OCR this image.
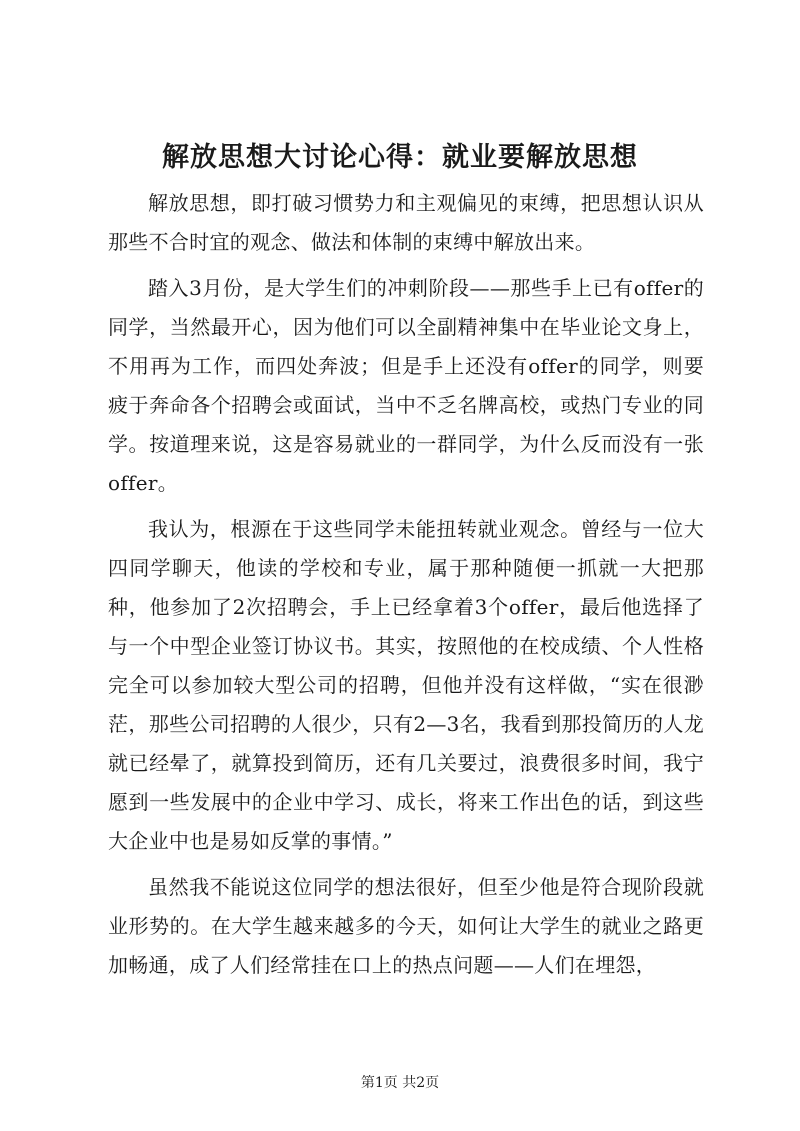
解放思想大讨论心得：就业要解放思想

解放思想，即打破习惯势力和主观偏见的束缚，把思想认识从那些不合时宜的观念、做法和体制的束缚中解放出来。

踏入3月份，是大学生们的冲刺阶段——那些手上已有offer的同学，当然最开心，因为他们可以全副精神集中在毕业论文身上，不用再为工作，而四处奔波；但是手上还没有offer的同学，则要疲于奔命各个招聘会或面试，当中不乏名牌高校，或热门专业的同学。按道理来说，这是容易就业的一群同学，为什么反而没有一张offer。

我认为，根源在于这些同学未能扭转就业观念。曾经与一位大四同学聊天，他读的学校和专业，属于那种随便一抓就一大把那种，他参加了2次招聘会，手上已经拿着3个offer，最后他选择了与一个中型企业签订协议书。其实，按照他的在校成绩、个人性格完全可以参加较大型公司的招聘，但他并没有这样做，“实在很渺茫，那些公司招聘的人很少，只有2—3名，我看到那投简历的人龙就已经晕了，就算投到简历，还有几关要过，浪费很多时间，我宁愿到一些发展中的企业中学习、成长，将来工作出色的话，到这些大企业中也是易如反掌的事情。”

虽然我不能说这位同学的想法很好，但至少他是符合现阶段就业形势的。在大学生越来越多的今天，如何让大学生的就业之路更加畅通，成了人们经常挂在口上的热点问题——人们在埋怨，

第1页 共2页
